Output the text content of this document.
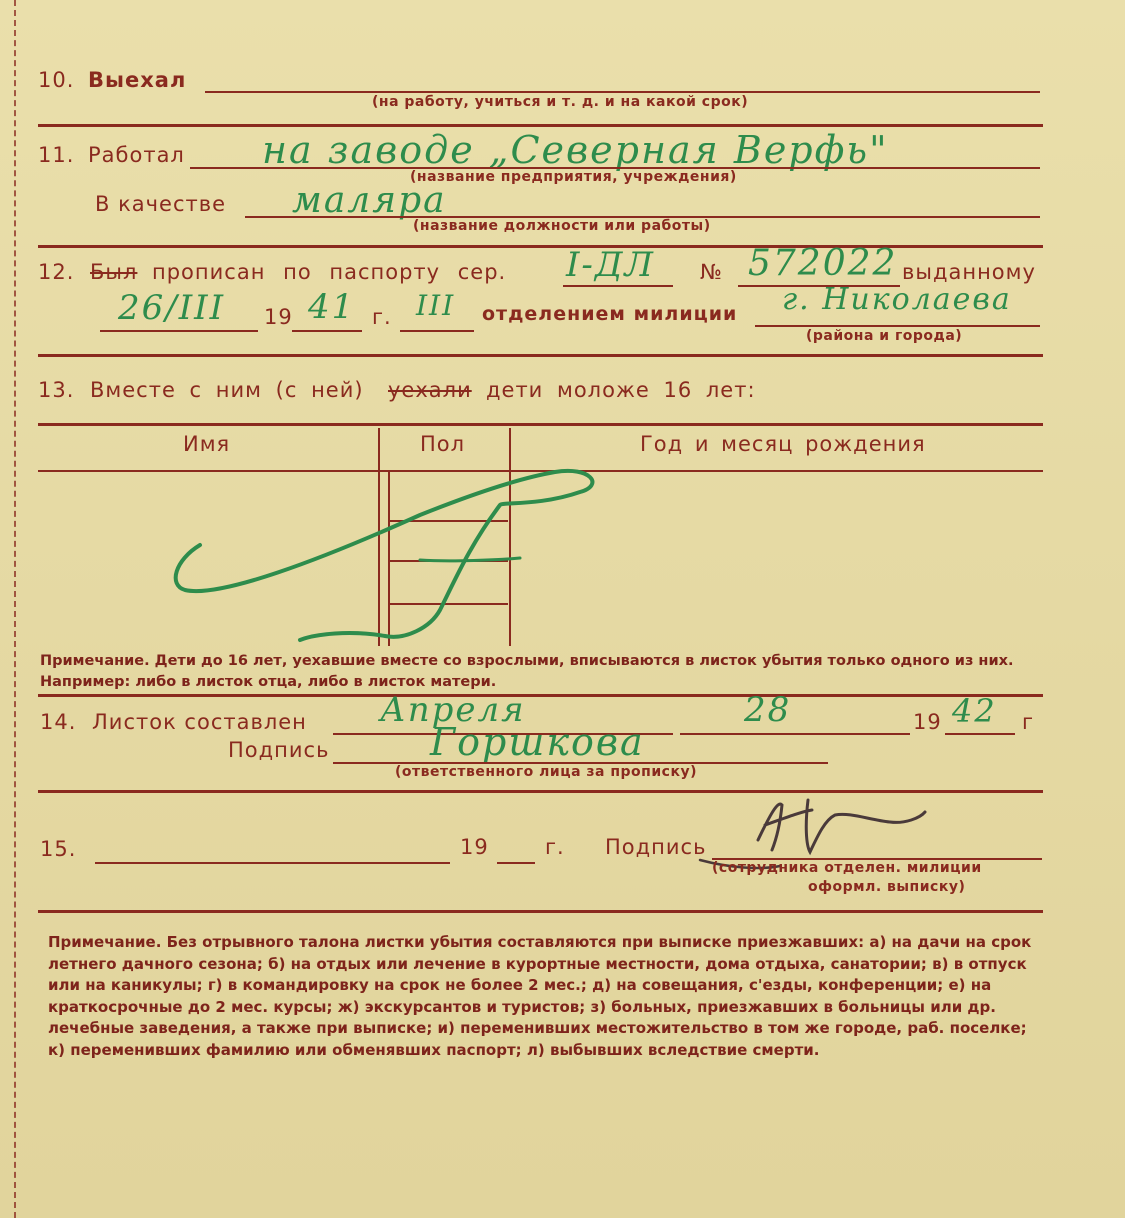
10. Выехал
(на работу, учиться и т. д. и на какой срок)
11. Работал на заводе „Северная Верфь"
(название предприятия, учреждения)
В качестве маляра
(название должности или работы)
12. Был прописан по паспорту сер. I-ДЛ № 572022 выданному
26/III 19 41 г. III отделением милиции г. Николаева
(района и города)
13. Вместе с ним (с ней) уехали дети моложе 16 лет:
Имя	Пол	Год и месяц рождения
Примечание. Дети до 16 лет, уехавшие вместе со взрослыми, вписываются в листок убытия только одного из них. Например: либо в листок отца, либо в листок матери.
14. Листок составлен Апреля	28	19 42 г
Подпись	Горшкова
(ответственного лица за прописку)
15.	19	г. Подпись
(сотрудника отделен. милиции
оформл. выписку)
Примечание. Без отрывного талона листки убытия составляются при выписке приезжавших: а) на дачи на срок летнего дачного сезона; б) на отдых или лечение в курортные местности, дома отдыха, санатории; в) в отпуск или на каникулы; г) в командировку на срок не более 2 мес.; д) на совещания, с'езды, конференции; е) на краткосрочные до 2 мес. курсы; ж) экскурсантов и туристов; з) больных, приезжавших в больницы или др. лечебные заведения, а также при выписке; и) переменивших местожительство в том же городе, раб. поселке; к) переменивших фамилию или обменявших паспорт; л) выбывших вследствие смерти.
